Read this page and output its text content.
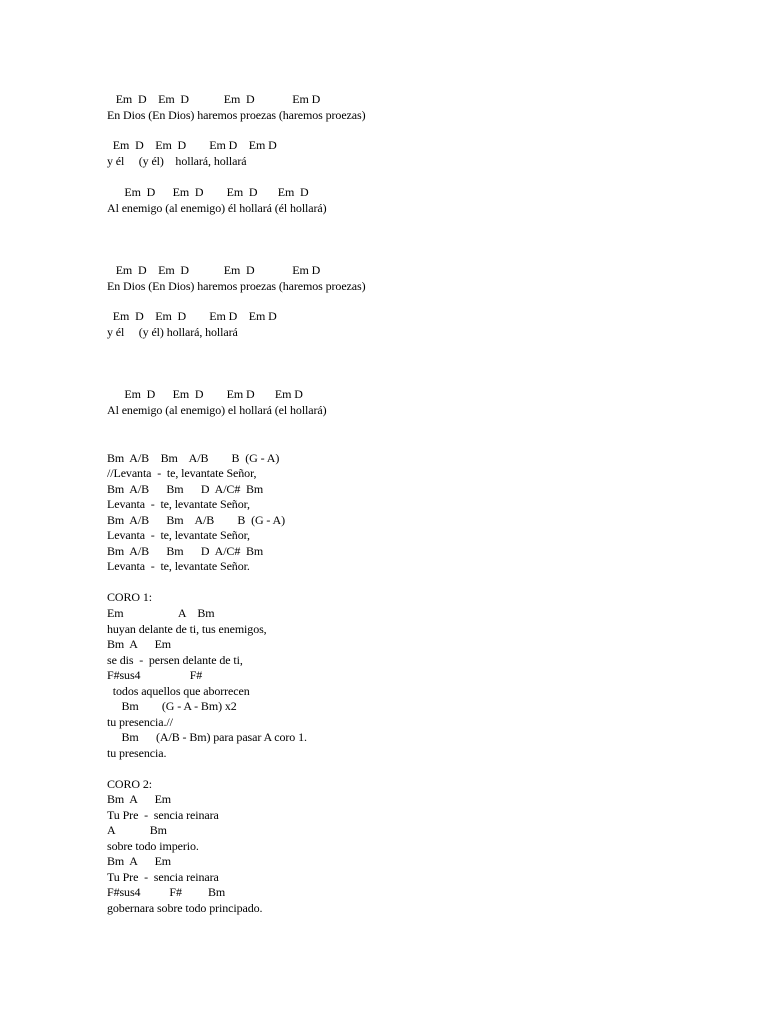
Em  D    Em  D            Em  D             Em D
En Dios (En Dios) haremos proezas (haremos proezas)
Em  D    Em  D        Em D    Em D
y él     (y él)    hollará, hollará
Em  D      Em  D        Em  D       Em  D
Al enemigo (al enemigo) él hollará (él hollará)
Em  D    Em  D            Em  D             Em D
En Dios (En Dios) haremos proezas (haremos proezas)
Em  D    Em  D        Em D    Em D
y él     (y él) hollará, hollará
Em  D      Em  D        Em D       Em D
Al enemigo (al enemigo) el hollará (el hollará)
Bm  A/B    Bm    A/B        B  (G - A)
//Levanta  -  te, levantate Señor,
Bm  A/B      Bm      D  A/C#  Bm
Levanta  -  te, levantate Señor,
Bm  A/B      Bm    A/B        B  (G - A)
Levanta  -  te, levantate Señor,
Bm  A/B      Bm      D  A/C#  Bm
Levanta  -  te, levantate Señor.
CORO 1:
Em                   A    Bm
huyan delante de ti, tus enemigos,
Bm  A      Em
se dis  -  persen delante de ti,
F#sus4                 F#
todos aquellos que aborrecen
Bm        (G - A - Bm) x2
tu presencia.//
Bm      (A/B - Bm) para pasar A coro 1.
tu presencia.
CORO 2:
Bm  A      Em
Tu Pre  -  sencia reinara
A            Bm
sobre todo imperio.
Bm  A      Em
Tu Pre  -  sencia reinara
F#sus4          F#         Bm
gobernara sobre todo principado.
